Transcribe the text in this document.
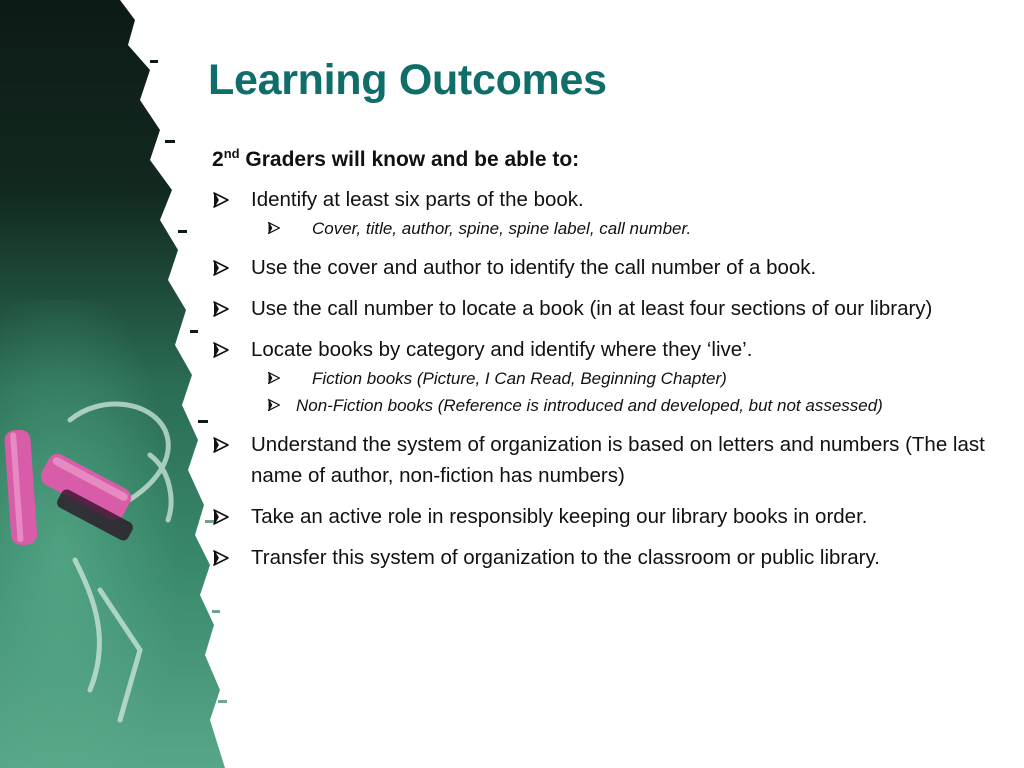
Learning Outcomes

2nd Graders will know and be able to:

Identify at least six parts of the book.
Cover, title, author, spine, spine label, call number.
Use the cover and author to identify the call number of a book.
Use the call number to locate a book (in at least four sections of our library)
Locate books by category and identify where they ‘live’.
Fiction books (Picture, I Can Read, Beginning Chapter)
Non-Fiction books (Reference is introduced and developed, but not assessed)
Understand the system of organization is based on letters and numbers (The last name of author, non-fiction has numbers)
Take an active role in responsibly keeping our library books in order.
Transfer this system of organization to the classroom or public library.
